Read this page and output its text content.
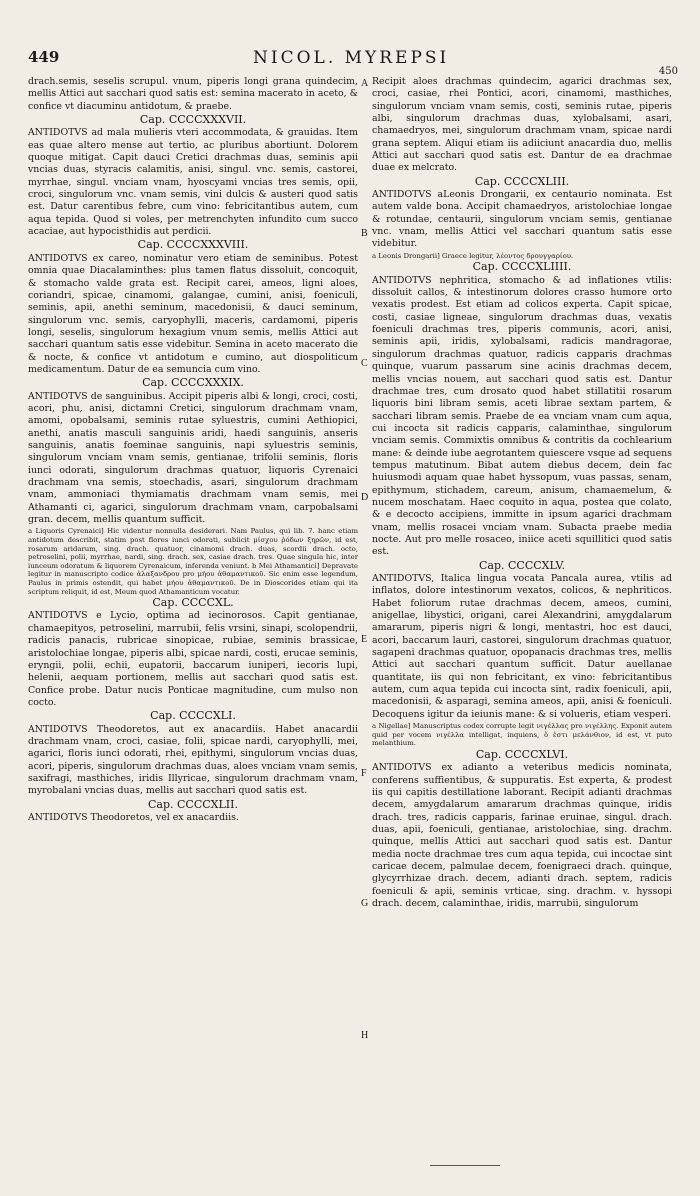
449	NICOL. MYREPSI
450

drach.semis, seselis scrupul. vnum, piperis longi grana quindecim, mellis Attici aut sacchari quod satis est: semina macerato in aceto, & confice vt diacuminu antidotum, & praebe.

Cap. CCCCXXXVII.

ANTIDOTVS ad mala mulieris vteri accommodata, & grauidas. Item eas quae altero mense aut tertio, ac pluribus abortiunt. Dolorem quoque mitigat. Capit dauci Cretici drachmas duas, seminis apii vncias duas, styracis calamitis, anisi, singul. vnc. semis, castorei, myrrhae, singul. vnciam vnam, hyoscyami vncias tres semis, opii, croci, singulorum vnc. vnam semis, vini dulcis & austeri quod satis est. Datur carentibus febre, cum vino: febricitantibus autem, cum aqua tepida. Quod si voles, per metrenchyten infundito cum succo acaciae, aut hypocisthidis aut perdicii.

Cap. CCCCXXXVIII.

ANTIDOTVS ex careo, nominatur vero etiam de seminibus. Potest omnia quae Diacalaminthes: plus tamen flatus dissoluit, concoquit, & stomacho valde grata est. Recipit carei, ameos, ligni aloes, coriandri, spicae, cinamomi, galangae, cumini, anisi, foeniculi, seminis, apii, anethi seminum, macedonisii, & dauci seminum, singulorum vnc. semis, caryophylli, maceris, cardamomi, piperis longi, seselis, singulorum hexagium vnum semis, mellis Attici aut sacchari quantum satis esse videbitur. Semina in aceto macerato die & nocte, & confice vt antidotum e cumino, aut diospoliticum medicamentum. Datur de ea semuncia cum vino.

Cap. CCCCXXXIX.

ANTIDOTVS de sanguinibus. Accipit piperis albi & longi, croci, costi, acori, phu, anisi, dictamni Cretici, singulorum drachmam vnam, amomi, opobalsami, seminis rutae syluestris, cumini Aethiopici, anethi, anatis masculi sanguinis aridi, haedi sanguinis, anseris sanguinis, anatis foeminae sanguinis, napi syluestris seminis, singulorum vnciam vnam semis, gentianae, trifolii seminis, floris iunci odorati, singulorum drachmas quatuor, liquoris Cyrenaici drachmam vna semis, stoechadis, asari, singulorum drachmam vnam, ammoniaci thymiamatis drachmam vnam semis, mei Athamanti ci, agarici, singulorum drachmam vnam, carpobalsami gran. decem, mellis quantum sufficit.

a Liquoris Cyrenaici] Hic videntur nonnulla desiderari. Nam Paulus, qui lib. 7. hanc etiam antidotum describit, statim post flores iunci odorati, subiicit μίσχου ῥόδων ξηρῶν, id est, rosarum aridarum, sing. drach. quatuor, cinamomi drach. duas, scordii drach. octo, petroselini, polii, myrrhae, nardi, sing. drach. sex, casiae drach. tres. Quae singula hic, inter iunceum odoratum & liquorem Cyrenaicum, inferenda veniunt. b Mei Athamantici] Depravate legitur in manuscripto codice ἀλαξανδρου pro μήου ἀθαμαντικοῦ. Sic enim esse legendum, Paulus in primis ostendit, qui habet μήου ἀθαμαντικοῦ. De in Dioscorides etiam qui ita scriptum reliquit, id est, Meum quod Athamanticum vocatur.

Cap. CCCCXL.

ANTIDOTVS e Lycio, optima ad iecinorosos. Capit gentianae, chamaepityos, petroselini, marrubii, felis vrsini, sinapi, scolopendrii, radicis panacis, rubricae sinopicae, rubiae, seminis brassicae, aristolochiae longae, piperis albi, spicae nardi, costi, erucae seminis, eryngii, polii, echii, eupatorii, baccarum iuniperi, iecoris lupi, helenii, aequam portionem, mellis aut sacchari quod satis est. Confice probe. Datur nucis Ponticae magnitudine, cum mulso non cocto.

Cap. CCCCXLI.

ANTIDOTVS Theodoretos, aut ex anacardiis. Habet anacardii drachmam vnam, croci, casiae, folii, spicae nardi, caryophylli, mei, agarici, floris iunci odorati, rhei, epithymi, singulorum vncias duas, acori, piperis, singulorum drachmas duas, aloes vnciam vnam semis, saxifragi, masthiches, iridis Illyricae, singulorum drachmam vnam, myrobalani vncias duas, mellis aut sacchari quod satis est.

Cap. CCCCXLII.

ANTIDOTVS Theodoretos, vel ex anacardiis.

Recipit aloes drachmas quindecim, agarici drachmas sex, croci, casiae, rhei Pontici, acori, cinamomi, masthiches, singulorum vnciam vnam semis, costi, seminis rutae, piperis albi, singulorum drachmas duas, xylobalsami, asari, chamaedryos, mei, singulorum drachmam vnam, spicae nardi grana septem. Aliqui etiam iis adiiciunt anacardia duo, mellis Attici aut sacchari quod satis est. Dantur de ea drachmae duae ex melcrato.

Cap. CCCCXLIII.

ANTIDOTVS aLeonis Drongarii, ex centaurio nominata. Est autem valde bona. Accipit chamaedryos, aristolochiae longae & rotundae, centaurii, singulorum vnciam semis, gentianae vnc. vnam, mellis Attici vel sacchari quantum satis esse videbitur.

a Leonis Drongarii] Graece legitur, λέοντος δρουγγαρίου.

Cap. CCCCXLIIII.

ANTIDOTVS nephritica, stomacho & ad inflationes vtilis: dissoluit callos, & intestinorum dolores crasso humore orto vexatis prodest. Est etiam ad colicos experta. Capit spicae, costi, casiae ligneae, singulorum drachmas duas, vexatis foeniculi drachmas tres, piperis communis, acori, anisi, seminis apii, iridis, xylobalsami, radicis mandragorae, singulorum drachmas quatuor, radicis capparis drachmas quinque, vuarum passarum sine acinis drachmas decem, mellis vncias nouem, aut sacchari quod satis est. Dantur drachmae tres, cum drosato quod habet stillatitii rosarum liquoris bini libram semis, aceti librae sextam partem, & sacchari libram semis. Praebe de ea vnciam vnam cum aqua, cui incocta sit radicis capparis, calaminthae, singulorum vnciam semis. Commixtis omnibus & contritis da cochlearium mane: & deinde iube aegrotantem quiescere vsque ad sequens tempus matutinum. Bibat autem diebus decem, dein fac huiusmodi aquam quae habet hyssopum, vuas passas, senam, epithymum, stichadem, careum, anisum, chamaemelum, & nucem moschatam. Haec coquito in aqua, postea que colato, & e decocto accipiens, immitte in ipsum agarici drachmam vnam, mellis rosacei vnciam vnam. Subacta praebe media nocte. Aut pro melle rosaceo, iniice aceti squillitici quod satis est.

Cap. CCCCXLV.

ANTIDOTVS, Italica lingua vocata Pancala aurea, vtilis ad inflatos, dolore intestinorum vexatos, colicos, & nephriticos. Habet foliorum rutae drachmas decem, ameos, cumini, anigellae, libystici, origani, carei Alexandrini, amygdalarum amararum, piperis nigri & longi, mentastri, hoc est dauci, acori, baccarum lauri, castorei, singulorum drachmas quatuor, sagapeni drachmas quatuor, opopanacis drachmas tres, mellis Attici aut sacchari quantum sufficit. Datur auellanae quantitate, iis qui non febricitant, ex vino: febricitantibus autem, cum aqua tepida cui incocta sint, radix foeniculi, apii, macedonisii, & asparagi, semina ameos, apii, anisi & foeniculi. Decoquens igitur da ieiunis mane: & si volueris, etiam vesperi.

a Nigellae] Manuscriptus codex corrupte legit νιγέλλας pro νιγέλλης. Exponit autem quid per vocem νιγέλλα intelligat, inquiens, ὅ ἐστι μελάνθιον, id est, vt puto melanthium.

Cap. CCCCXLVI.

ANTIDOTVS ex adianto a veteribus medicis nominata, conferens suffientibus, & suppuratis. Est experta, & prodest iis qui capitis destillatione laborant. Recipit adianti drachmas decem, amygdalarum amararum drachmas quinque, iridis drach. tres, radicis capparis, farinae eruinae, singul. drach. duas, apii, foeniculi, gentianae, aristolochiae, sing. drachm. quinque, mellis Attici aut sacchari quod satis est. Dantur media nocte drachmae tres cum aqua tepida, cui incoctae sint caricae decem, palmulae decem, foenigraeci drach. quinque, glycyrrhizae drach. decem, adianti drach. septem, radicis foeniculi & apii, seminis vrticae, sing. drachm. v. hyssopi drach. decem, calaminthae, iridis, marrubii, singulorum

A
B
C
D
E
F
G
H
